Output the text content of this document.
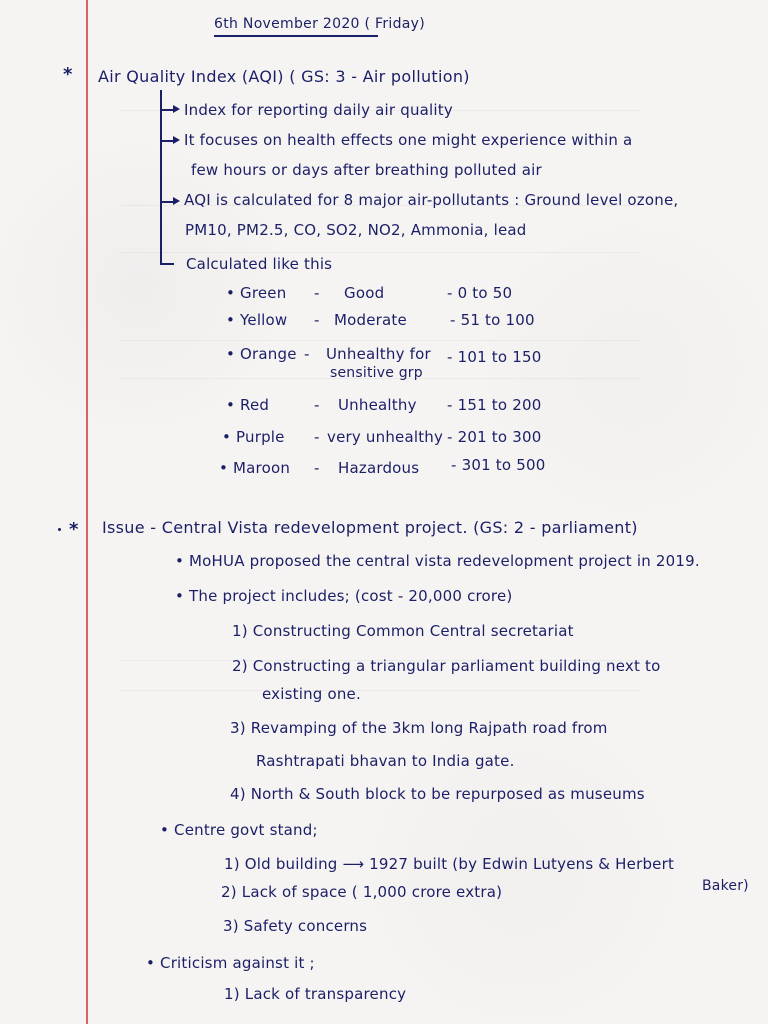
6th November 2020 ( Friday)
* Air Quality Index (AQI) ( GS: 3 - Air pollution)
Index for reporting daily air quality
It focuses on health effects one might experience within a
few hours or days after breathing polluted air
AQI is calculated for 8 major air-pollutants : Ground level ozone,
PM10, PM2.5, CO, SO2, NO2, Ammonia, lead
Calculated like this
• Green - Good	- 0 to 50
• Yellow - Moderate	- 51 to 100
• Orange - Unhealthy for
sensitive grp
- 101 to 150
• Red	- Unhealthy - 151 to 200
• Purple - very unhealthy - 201 to 300
• Maroon - Hazardous - 301 to 500
* Issue - Central Vista redevelopment project. (GS: 2 - parliament)
• MoHUA proposed the central vista redevelopment project in 2019.
• The project includes; (cost - 20,000 crore)
1) Constructing Common Central secretariat
2) Constructing a triangular parliament building next to
existing one.
3) Revamping of the 3km long Rajpath road from
Rashtrapati bhavan to India gate.
4) North & South block to be repurposed as museums
• Centre govt stand;
1) Old building ⟶ 1927 built (by Edwin Lutyens & Herbert
Baker)
2) Lack of space ( 1,000 crore extra)
3) Safety concerns
• Criticism against it ;
1) Lack of transparency
